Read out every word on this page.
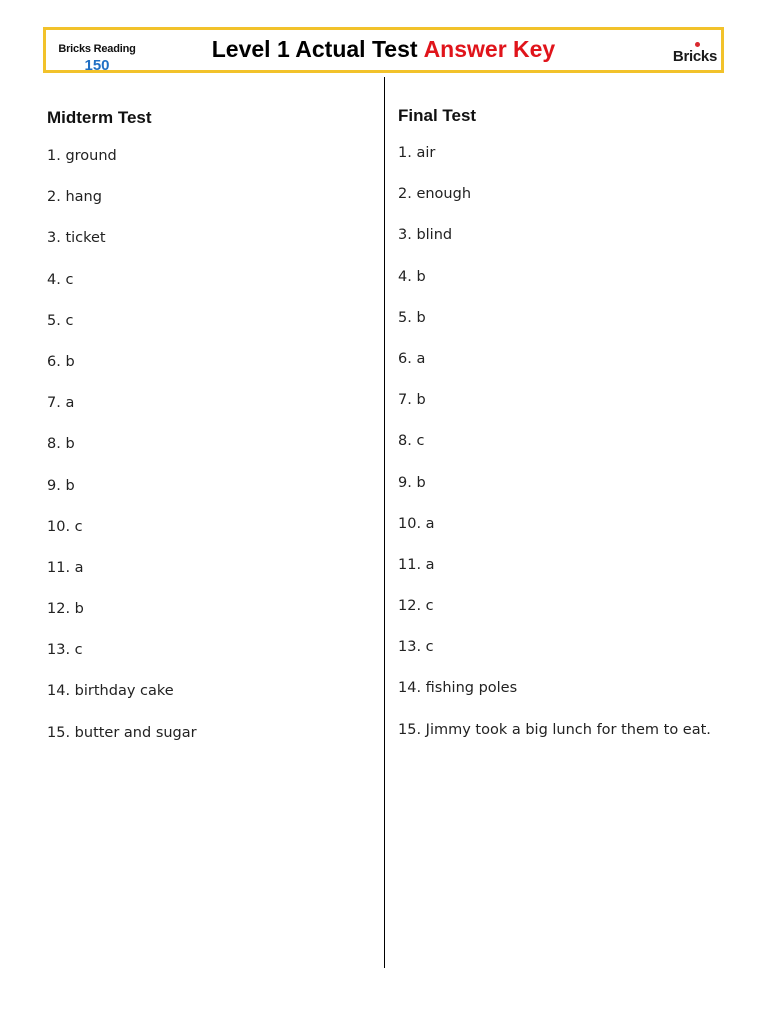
Bricks Reading
150
Level 1 Actual Test Answer Key	Bricks
Midterm Test
1. ground
2. hang
3. ticket
4. c
5. c
6. b
7. a
8. b
9. b
10. c
11. a
12. b
13. c
14. birthday cake
15. butter and sugar
Final Test
1. air
2. enough
3. blind
4. b
5. b
6. a
7. b
8. c
9. b
10. a
11. a
12. c
13. c
14. fishing poles
15. Jimmy took a big lunch for them to eat.
